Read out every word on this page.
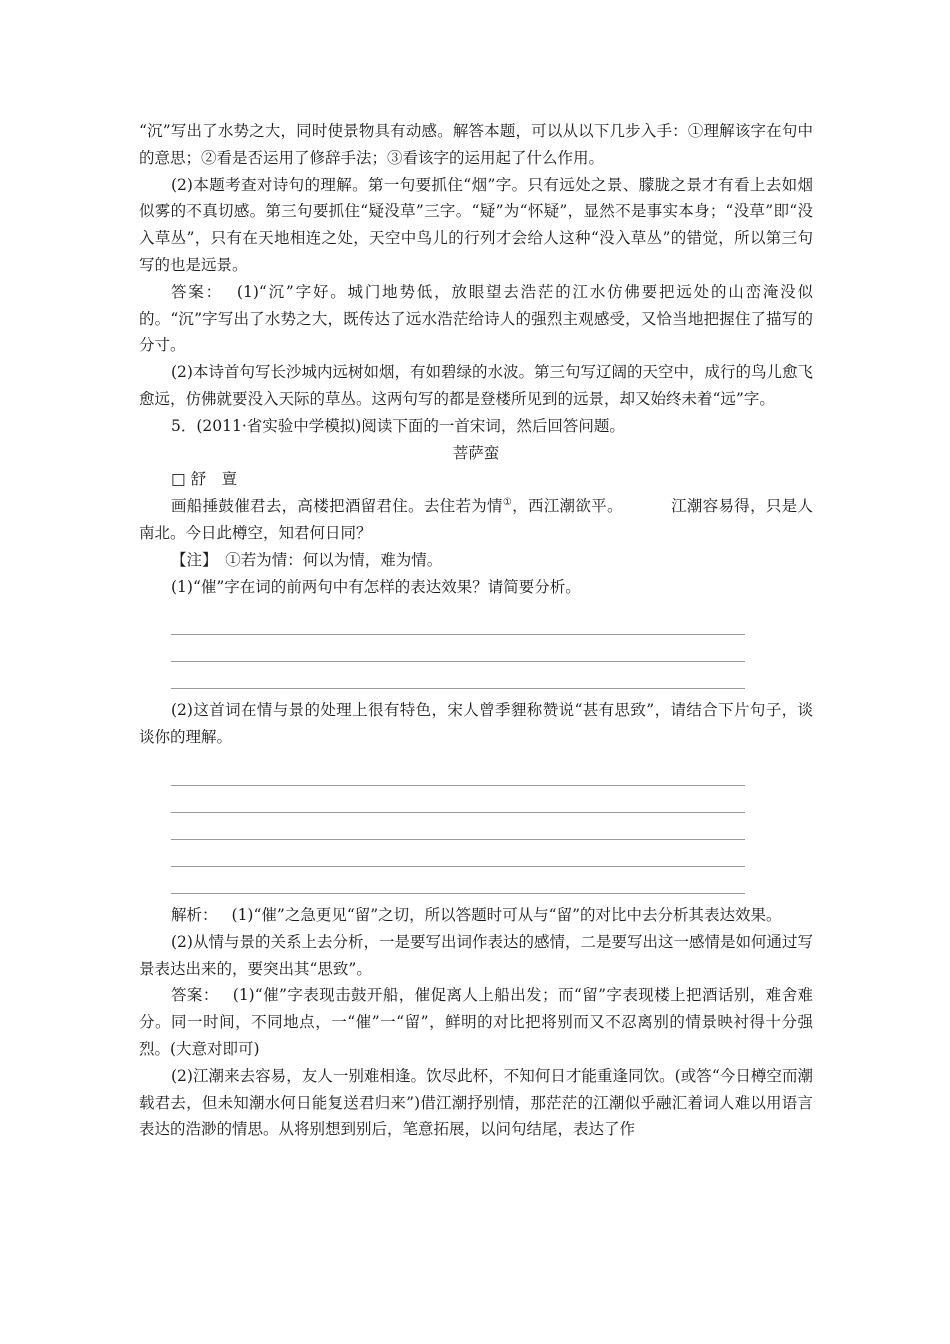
“沉”写出了水势之大，同时使景物具有动感。解答本题，可以从以下几步入手：①理解该字在句中的意思；②看是否运用了修辞手法；③看该字的运用起了什么作用。

(2)本题考查对诗句的理解。第一句要抓住“烟”字。只有远处之景、朦胧之景才有看上去如烟似雾的不真切感。第三句要抓住“疑没草”三字。“疑”为“怀疑”，显然不是事实本身；“没草”即“没入草丛”，只有在天地相连之处，天空中鸟儿的行列才会给人这种“没入草丛”的错觉，所以第三句写的也是远景。

答案： (1)“沉”字好。城门地势低，放眼望去浩茫的江水仿佛要把远处的山峦淹没似的。“沉”字写出了水势之大，既传达了远水浩茫给诗人的强烈主观感受，又恰当地把握住了描写的分寸。

(2)本诗首句写长沙城内远树如烟，有如碧绿的水波。第三句写辽阔的天空中，成行的鸟儿愈飞愈远，仿佛就要没入天际的草丛。这两句写的都是登楼所见到的远景，却又始终未着“远”字。

5．(2011·省实验中学模拟)阅读下面的一首宋词，然后回答问题。

菩萨蛮

□ 舒　亶

画船捶鼓催君去，高楼把酒留君住。去住若为情①，西江潮欲平。	江潮容易得，只是人南北。今日此樽空，知君何日同？

【注】　①若为情：何以为情，难为情。

(1)“催”字在词的前两句中有怎样的表达效果？请简要分析。

(2)这首词在情与景的处理上很有特色，宋人曾季貍称赞说“甚有思致”，请结合下片句子，谈谈你的理解。

解析： (1)“催”之急更见“留”之切，所以答题时可从与“留”的对比中去分析其表达效果。

(2)从情与景的关系上去分析，一是要写出词作表达的感情，二是要写出这一感情是如何通过写景表达出来的，要突出其“思致”。

答案： (1)“催”字表现击鼓开船，催促离人上船出发；而“留”字表现楼上把酒话别，难舍难分。同一时间，不同地点，一“催”一“留”，鲜明的对比把将别而又不忍离别的情景映衬得十分强烈。(大意对即可)

(2)江潮来去容易，友人一别难相逢。饮尽此杯，不知何日才能重逢同饮。(或答“今日樽空而潮载君去，但未知潮水何日能复送君归来”)借江潮抒别情，那茫茫的江潮似乎融汇着词人难以用语言表达的浩渺的情思。从将别想到别后，笔意拓展，以问句结尾，表达了作
